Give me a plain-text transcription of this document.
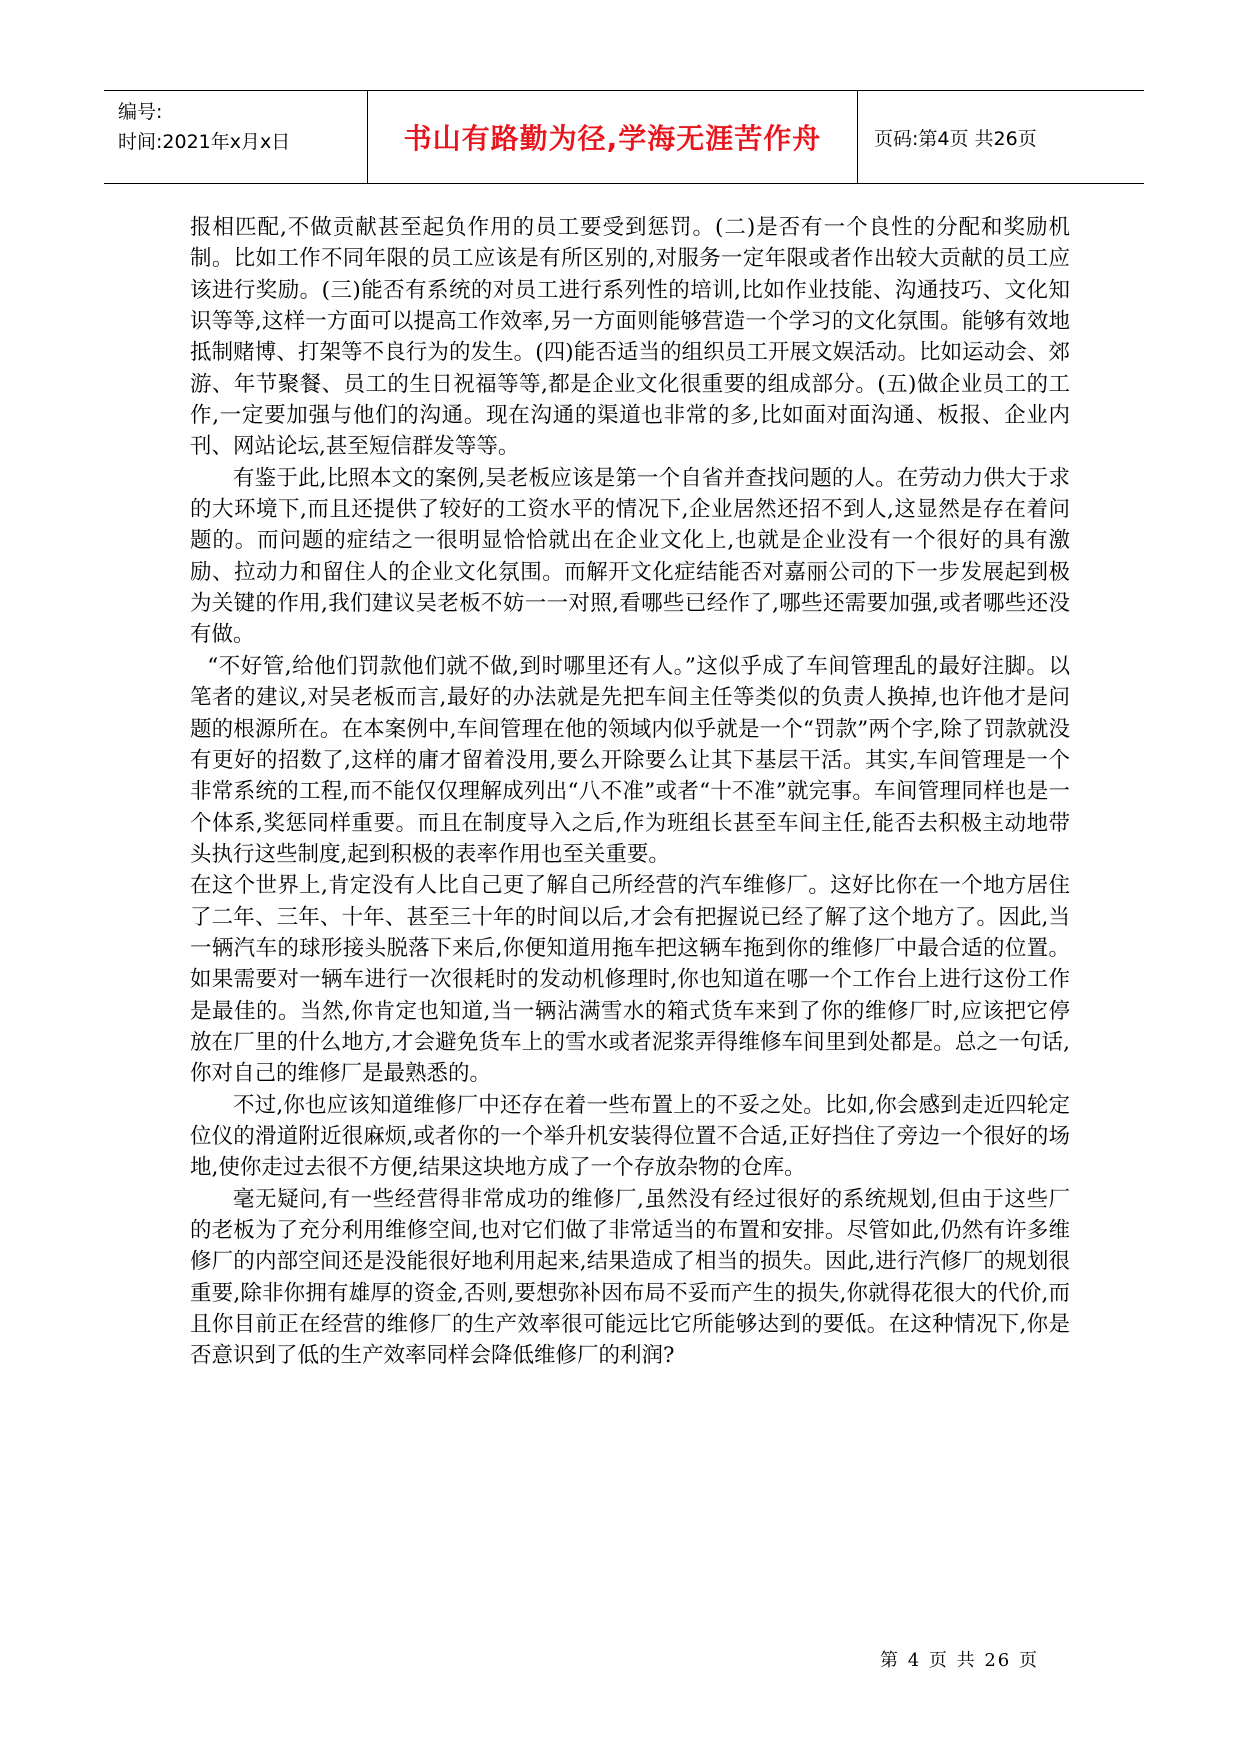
编号:
时间:2021年x月x日	书山有路勤为径,学海无涯苦作舟	页码:第4页 共26页

报相匹配,不做贡献甚至起负作用的员工要受到惩罚。(二)是否有一个良性的分配和奖励机制。比如工作不同年限的员工应该是有所区别的,对服务一定年限或者作出较大贡献的员工应该进行奖励。(三)能否有系统的对员工进行系列性的培训,比如作业技能、沟通技巧、文化知识等等,这样一方面可以提高工作效率,另一方面则能够营造一个学习的文化氛围。能够有效地抵制赌博、打架等不良行为的发生。(四)能否适当的组织员工开展文娱活动。比如运动会、郊游、年节聚餐、员工的生日祝福等等,都是企业文化很重要的组成部分。(五)做企业员工的工作,一定要加强与他们的沟通。现在沟通的渠道也非常的多,比如面对面沟通、板报、企业内刊、网站论坛,甚至短信群发等等。

有鉴于此,比照本文的案例,吴老板应该是第一个自省并查找问题的人。在劳动力供大于求的大环境下,而且还提供了较好的工资水平的情况下,企业居然还招不到人,这显然是存在着问题的。而问题的症结之一很明显恰恰就出在企业文化上,也就是企业没有一个很好的具有激励、拉动力和留住人的企业文化氛围。而解开文化症结能否对嘉丽公司的下一步发展起到极为关键的作用,我们建议吴老板不妨一一对照,看哪些已经作了,哪些还需要加强,或者哪些还没有做。

“不好管,给他们罚款他们就不做,到时哪里还有人。”这似乎成了车间管理乱的最好注脚。以笔者的建议,对吴老板而言,最好的办法就是先把车间主任等类似的负责人换掉,也许他才是问题的根源所在。在本案例中,车间管理在他的领域内似乎就是一个“罚款”两个字,除了罚款就没有更好的招数了,这样的庸才留着没用,要么开除要么让其下基层干活。其实,车间管理是一个非常系统的工程,而不能仅仅理解成列出“八不准”或者“十不准”就完事。车间管理同样也是一个体系,奖惩同样重要。而且在制度导入之后,作为班组长甚至车间主任,能否去积极主动地带头执行这些制度,起到积极的表率作用也至关重要。

在这个世界上,肯定没有人比自己更了解自己所经营的汽车维修厂。这好比你在一个地方居住了二年、三年、十年、甚至三十年的时间以后,才会有把握说已经了解了这个地方了。因此,当一辆汽车的球形接头脱落下来后,你便知道用拖车把这辆车拖到你的维修厂中最合适的位置。如果需要对一辆车进行一次很耗时的发动机修理时,你也知道在哪一个工作台上进行这份工作是最佳的。当然,你肯定也知道,当一辆沾满雪水的箱式货车来到了你的维修厂时,应该把它停放在厂里的什么地方,才会避免货车上的雪水或者泥浆弄得维修车间里到处都是。总之一句话,你对自己的维修厂是最熟悉的。

不过,你也应该知道维修厂中还存在着一些布置上的不妥之处。比如,你会感到走近四轮定位仪的滑道附近很麻烦,或者你的一个举升机安装得位置不合适,正好挡住了旁边一个很好的场地,使你走过去很不方便,结果这块地方成了一个存放杂物的仓库。

毫无疑问,有一些经营得非常成功的维修厂,虽然没有经过很好的系统规划,但由于这些厂的老板为了充分利用维修空间,也对它们做了非常适当的布置和安排。尽管如此,仍然有许多维修厂的内部空间还是没能很好地利用起来,结果造成了相当的损失。因此,进行汽修厂的规划很重要,除非你拥有雄厚的资金,否则,要想弥补因布局不妥而产生的损失,你就得花很大的代价,而且你目前正在经营的维修厂的生产效率很可能远比它所能够达到的要低。在这种情况下,你是否意识到了低的生产效率同样会降低维修厂的利润?

第 4 页 共 26 页
